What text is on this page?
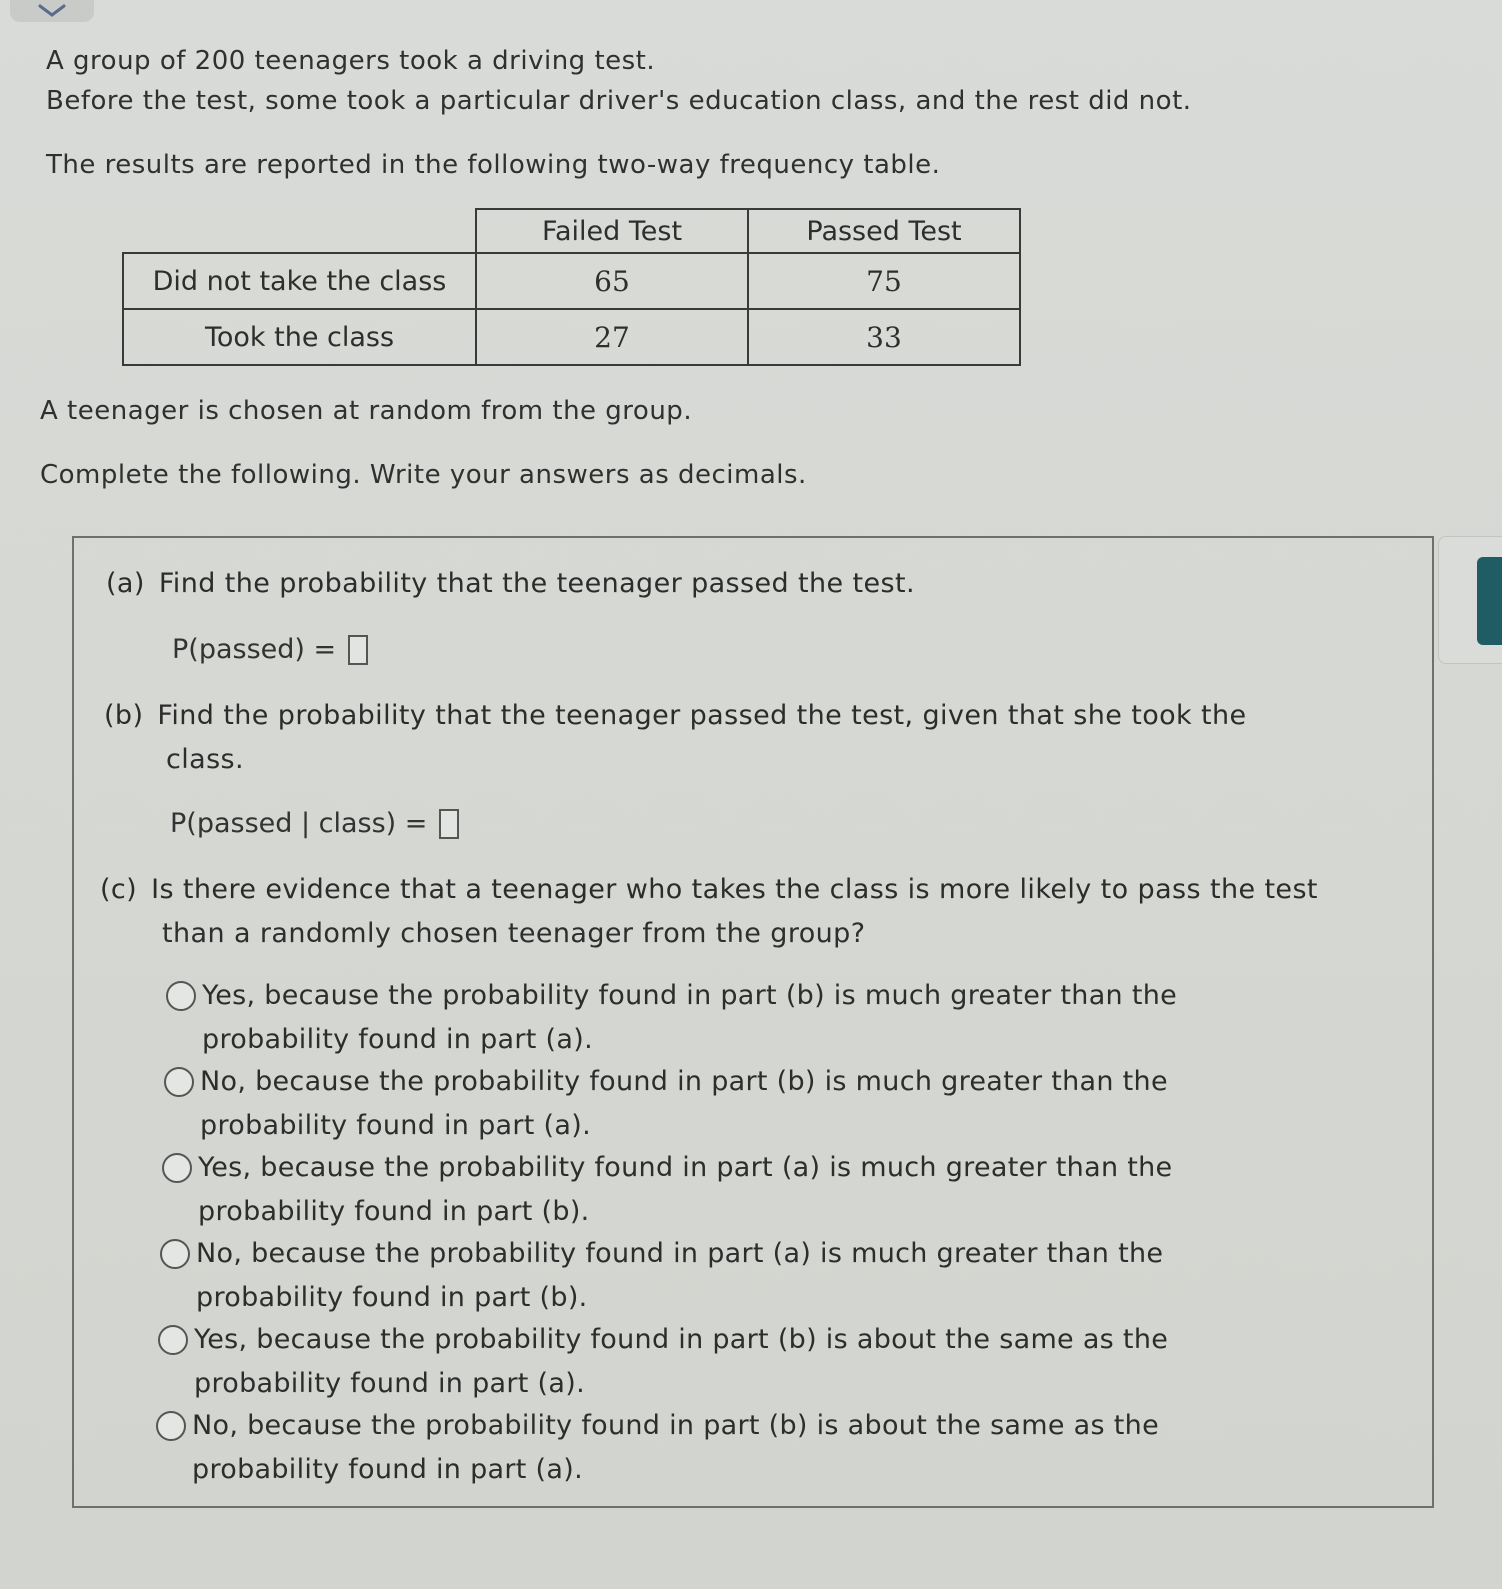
A group of 200 teenagers took a driving test.
Before the test, some took a particular driver's education class, and the rest did not.
The results are reported in the following two-way frequency table.
	Failed Test	Passed Test
Did not take the class	65	75
Took the class	27	33
A teenager is chosen at random from the group.
Complete the following. Write your answers as decimals.
(a) Find the probability that the teenager passed the test.
P(passed) =
(b) Find the probability that the teenager passed the test, given that she took the
class.
P(passed | class) =
(c) Is there evidence that a teenager who takes the class is more likely to pass the test
than a randomly chosen teenager from the group?
Yes, because the probability found in part (b) is much greater than the
probability found in part (a).
No, because the probability found in part (b) is much greater than the
probability found in part (a).
Yes, because the probability found in part (a) is much greater than the
probability found in part (b).
No, because the probability found in part (a) is much greater than the
probability found in part (b).
Yes, because the probability found in part (b) is about the same as the
probability found in part (a).
No, because the probability found in part (b) is about the same as the
probability found in part (a).
